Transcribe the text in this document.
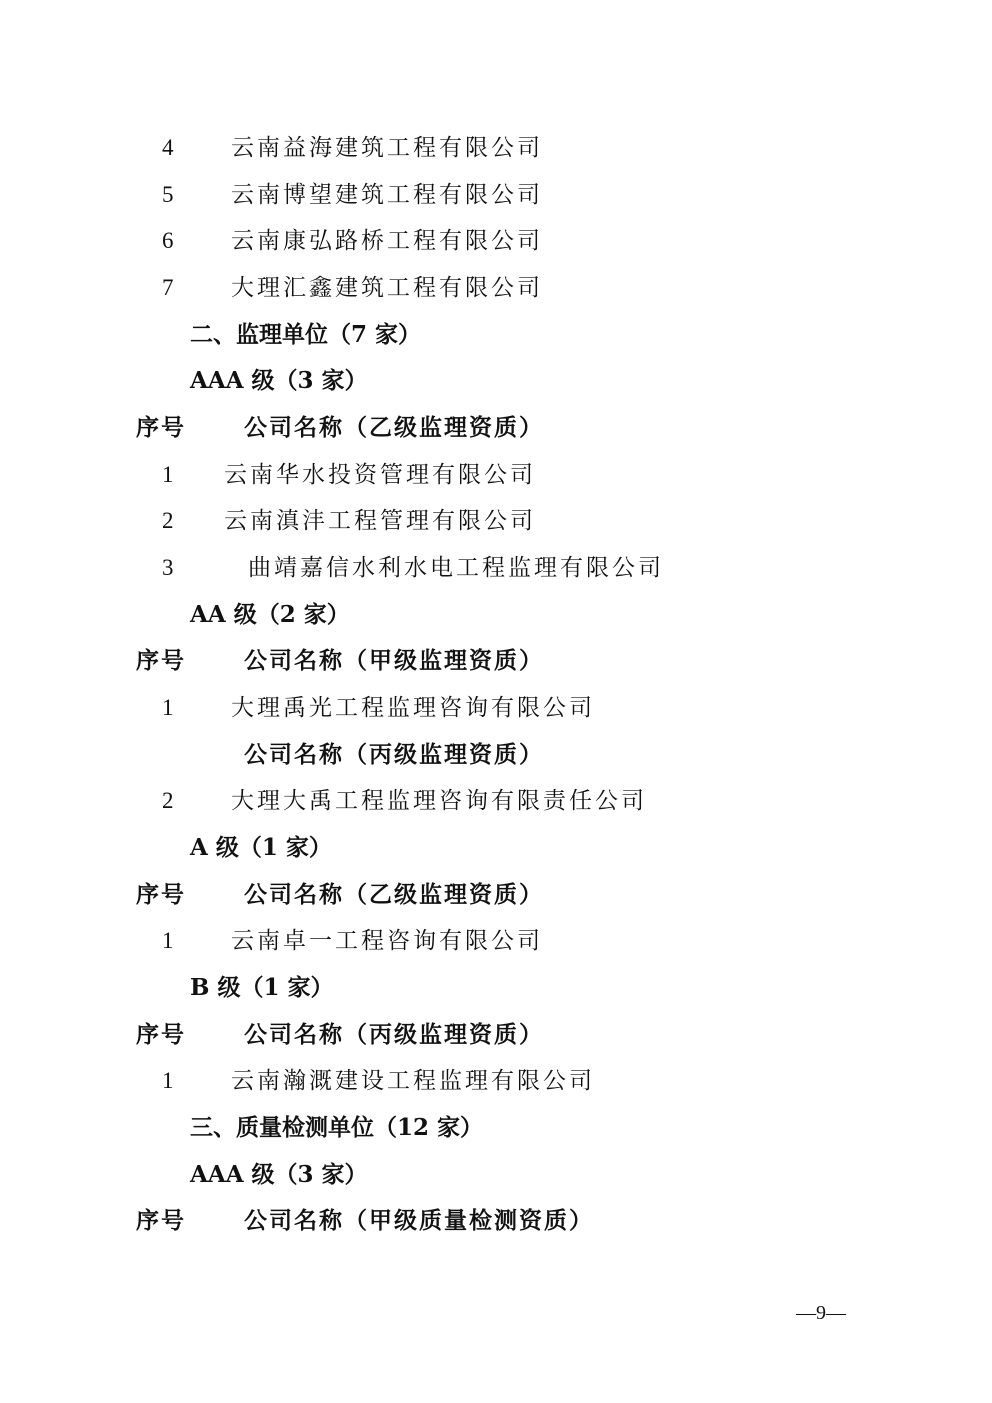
4	云南益海建筑工程有限公司
5	云南博望建筑工程有限公司
6	云南康弘路桥工程有限公司
7	大理汇鑫建筑工程有限公司
二、监理单位（7 家）
AAA 级（3 家）
序号	公司名称（乙级监理资质）
1 云南华水投资管理有限公司
2 云南滇沣工程管理有限公司
3	曲靖嘉信水利水电工程监理有限公司
AA 级（2 家）
序号	公司名称（甲级监理资质）
1	大理禹光工程监理咨询有限公司
公司名称（丙级监理资质）
2	大理大禹工程监理咨询有限责任公司
A 级（1 家）
序号	公司名称（乙级监理资质）
1	云南卓一工程咨询有限公司
B 级（1 家）
序号	公司名称（丙级监理资质）
1	云南瀚溉建设工程监理有限公司
三、质量检测单位（12 家）
AAA 级（3 家）
序号	公司名称（甲级质量检测资质）
—9—
